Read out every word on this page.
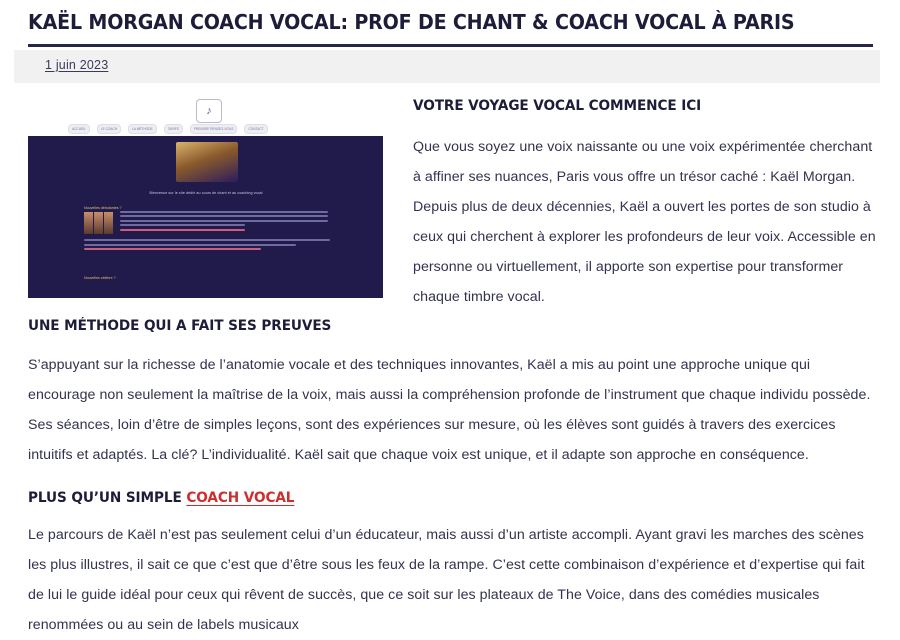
KAËL MORGAN COACH VOCAL: PROF DE CHANT & COACH VOCAL À PARIS
1 juin 2023
♪
ACCUEIL	LE COACH	LA MÉTHODE	TARIFS	PRENDRE RENDEZ-VOUS	CONTACT
Bienvenue sur le site dédié au cours de chant et au coaching vocal
Nouvelles débutantes ?
Nouvelles célèbre ?
VOTRE VOYAGE VOCAL COMMENCE ICI

Que vous soyez une voix naissante ou une voix expérimentée cherchant à affiner ses nuances, Paris vous offre un trésor caché : Kaël Morgan. Depuis plus de deux décennies, Kaël a ouvert les portes de son studio à ceux qui cherchent à explorer les profondeurs de leur voix. Accessible en personne ou virtuellement, il apporte son expertise pour transformer chaque timbre vocal.

UNE MÉTHODE QUI A FAIT SES PREUVES

S’appuyant sur la richesse de l’anatomie vocale et des techniques innovantes, Kaël a mis au point une approche unique qui encourage non seulement la maîtrise de la voix, mais aussi la compréhension profonde de l’instrument que chaque individu possède. Ses séances, loin d’être de simples leçons, sont des expériences sur mesure, où les élèves sont guidés à travers des exercices intuitifs et adaptés. La clé? L’individualité. Kaël sait que chaque voix est unique, et il adapte son approche en conséquence.

PLUS QU’UN SIMPLE COACH VOCAL

Le parcours de Kaël n’est pas seulement celui d’un éducateur, mais aussi d’un artiste accompli. Ayant gravi les marches des scènes les plus illustres, il sait ce que c’est que d’être sous les feux de la rampe. C’est cette combinaison d’expérience et d’expertise qui fait de lui le guide idéal pour ceux qui rêvent de succès, que ce soit sur les plateaux de The Voice, dans des comédies musicales renommées ou au sein de labels musicaux
